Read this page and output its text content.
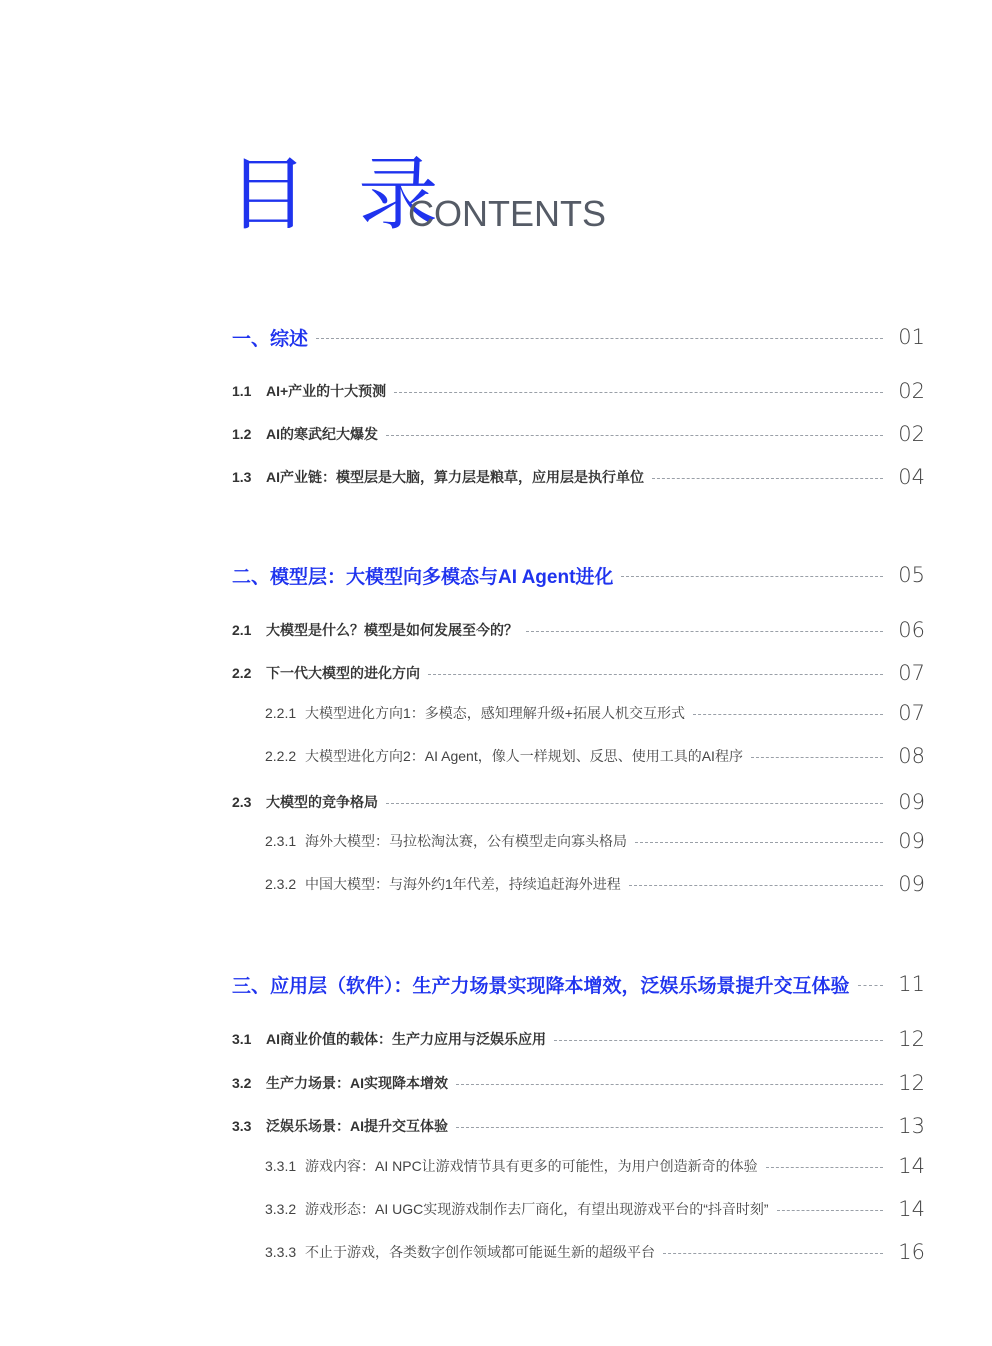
目 录
CONTENTS
一、 综述	01
1.1	AI+产业的十大预测	02
1.2	AI的寒武纪大爆发	02
1.3	AI产业链：模型层是大脑，算力层是粮草，应用层是执行单位	04
二、 模型层：大模型向多模态与AI Agent进化	05
2.1	大模型是什么？模型是如何发展至今的？	06
2.2	下一代大模型的进化方向	07
2.2.1 大模型进化方向1：多模态，感知理解升级+拓展人机交互形式	07
2.2.2 大模型进化方向2：AI Agent，像人一样规划、反思、使用工具的AI程序	08
2.3	大模型的竞争格局	09
2.3.1 海外大模型：马拉松淘汰赛，公有模型走向寡头格局	09
2.3.2 中国大模型：与海外约1年代差，持续追赶海外进程	09
三、 应用层（软件）：生产力场景实现降本增效，泛娱乐场景提升交互体验	11
3.1	AI商业价值的载体：生产力应用与泛娱乐应用	12
3.2	生产力场景：AI实现降本增效	12
3.3	泛娱乐场景：AI提升交互体验	13
3.3.1 游戏内容：AI NPC让游戏情节具有更多的可能性，为用户创造新奇的体验	14
3.3.2 游戏形态：AI UGC实现游戏制作去厂商化，有望出现游戏平台的“抖音时刻”	14
3.3.3 不止于游戏，各类数字创作领域都可能诞生新的超级平台	16
